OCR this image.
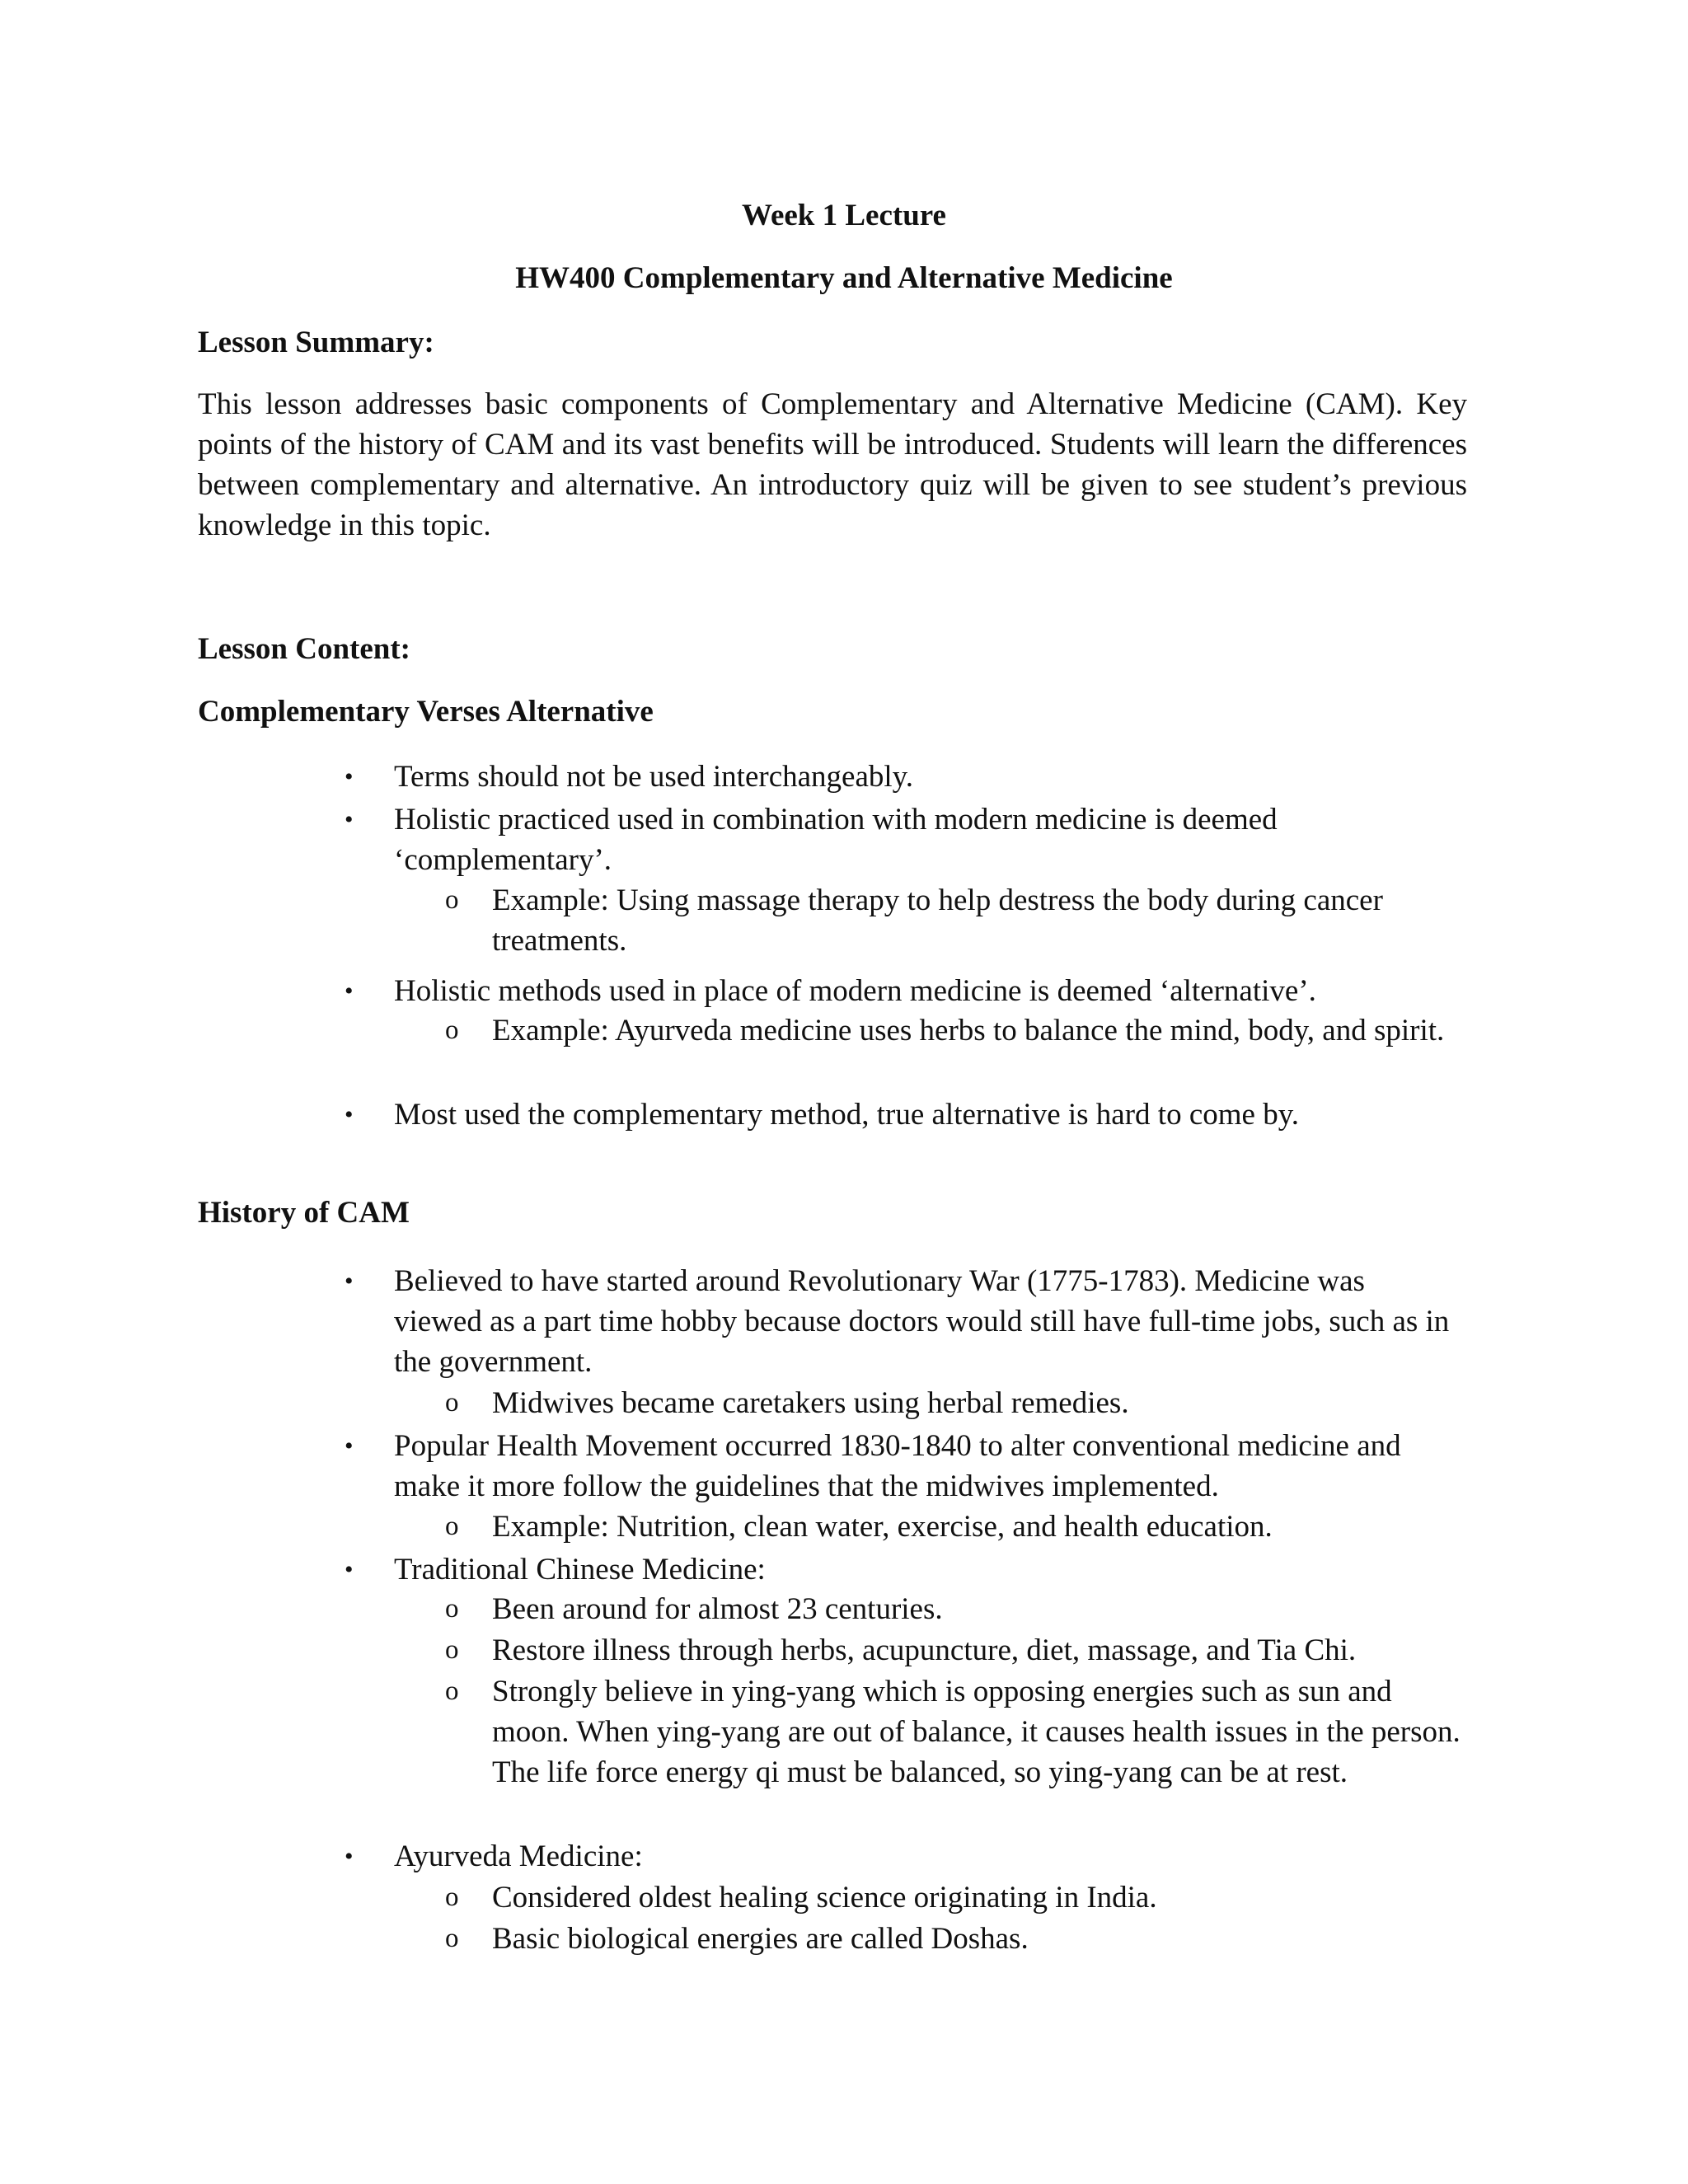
Week 1 Lecture

HW400 Complementary and Alternative Medicine

Lesson Summary:

This lesson addresses basic components of Complementary and Alternative Medicine (CAM). Key points of the history of CAM and its vast benefits will be introduced. Students will learn the differences between complementary and alternative. An introductory quiz will be given to see student’s previous knowledge in this topic.

Lesson Content:

Complementary Verses Alternative

• Terms should not be used interchangeably.
• Holistic practiced used in combination with modern medicine is deemed ‘complementary’.
o Example: Using massage therapy to help destress the body during cancer treatments.
• Holistic methods used in place of modern medicine is deemed ‘alternative’.
o Example: Ayurveda medicine uses herbs to balance the mind, body, and spirit.
• Most used the complementary method, true alternative is hard to come by.

History of CAM

• Believed to have started around Revolutionary War (1775-1783). Medicine was viewed as a part time hobby because doctors would still have full-time jobs, such as in the government.
o Midwives became caretakers using herbal remedies.
• Popular Health Movement occurred 1830-1840 to alter conventional medicine and make it more follow the guidelines that the midwives implemented.
o Example: Nutrition, clean water, exercise, and health education.
• Traditional Chinese Medicine:
o Been around for almost 23 centuries.
o Restore illness through herbs, acupuncture, diet, massage, and Tia Chi.
o Strongly believe in ying-yang which is opposing energies such as sun and moon. When ying-yang are out of balance, it causes health issues in the person. The life force energy qi must be balanced, so ying-yang can be at rest.
• Ayurveda Medicine:
o Considered oldest healing science originating in India.
o Basic biological energies are called Doshas.
